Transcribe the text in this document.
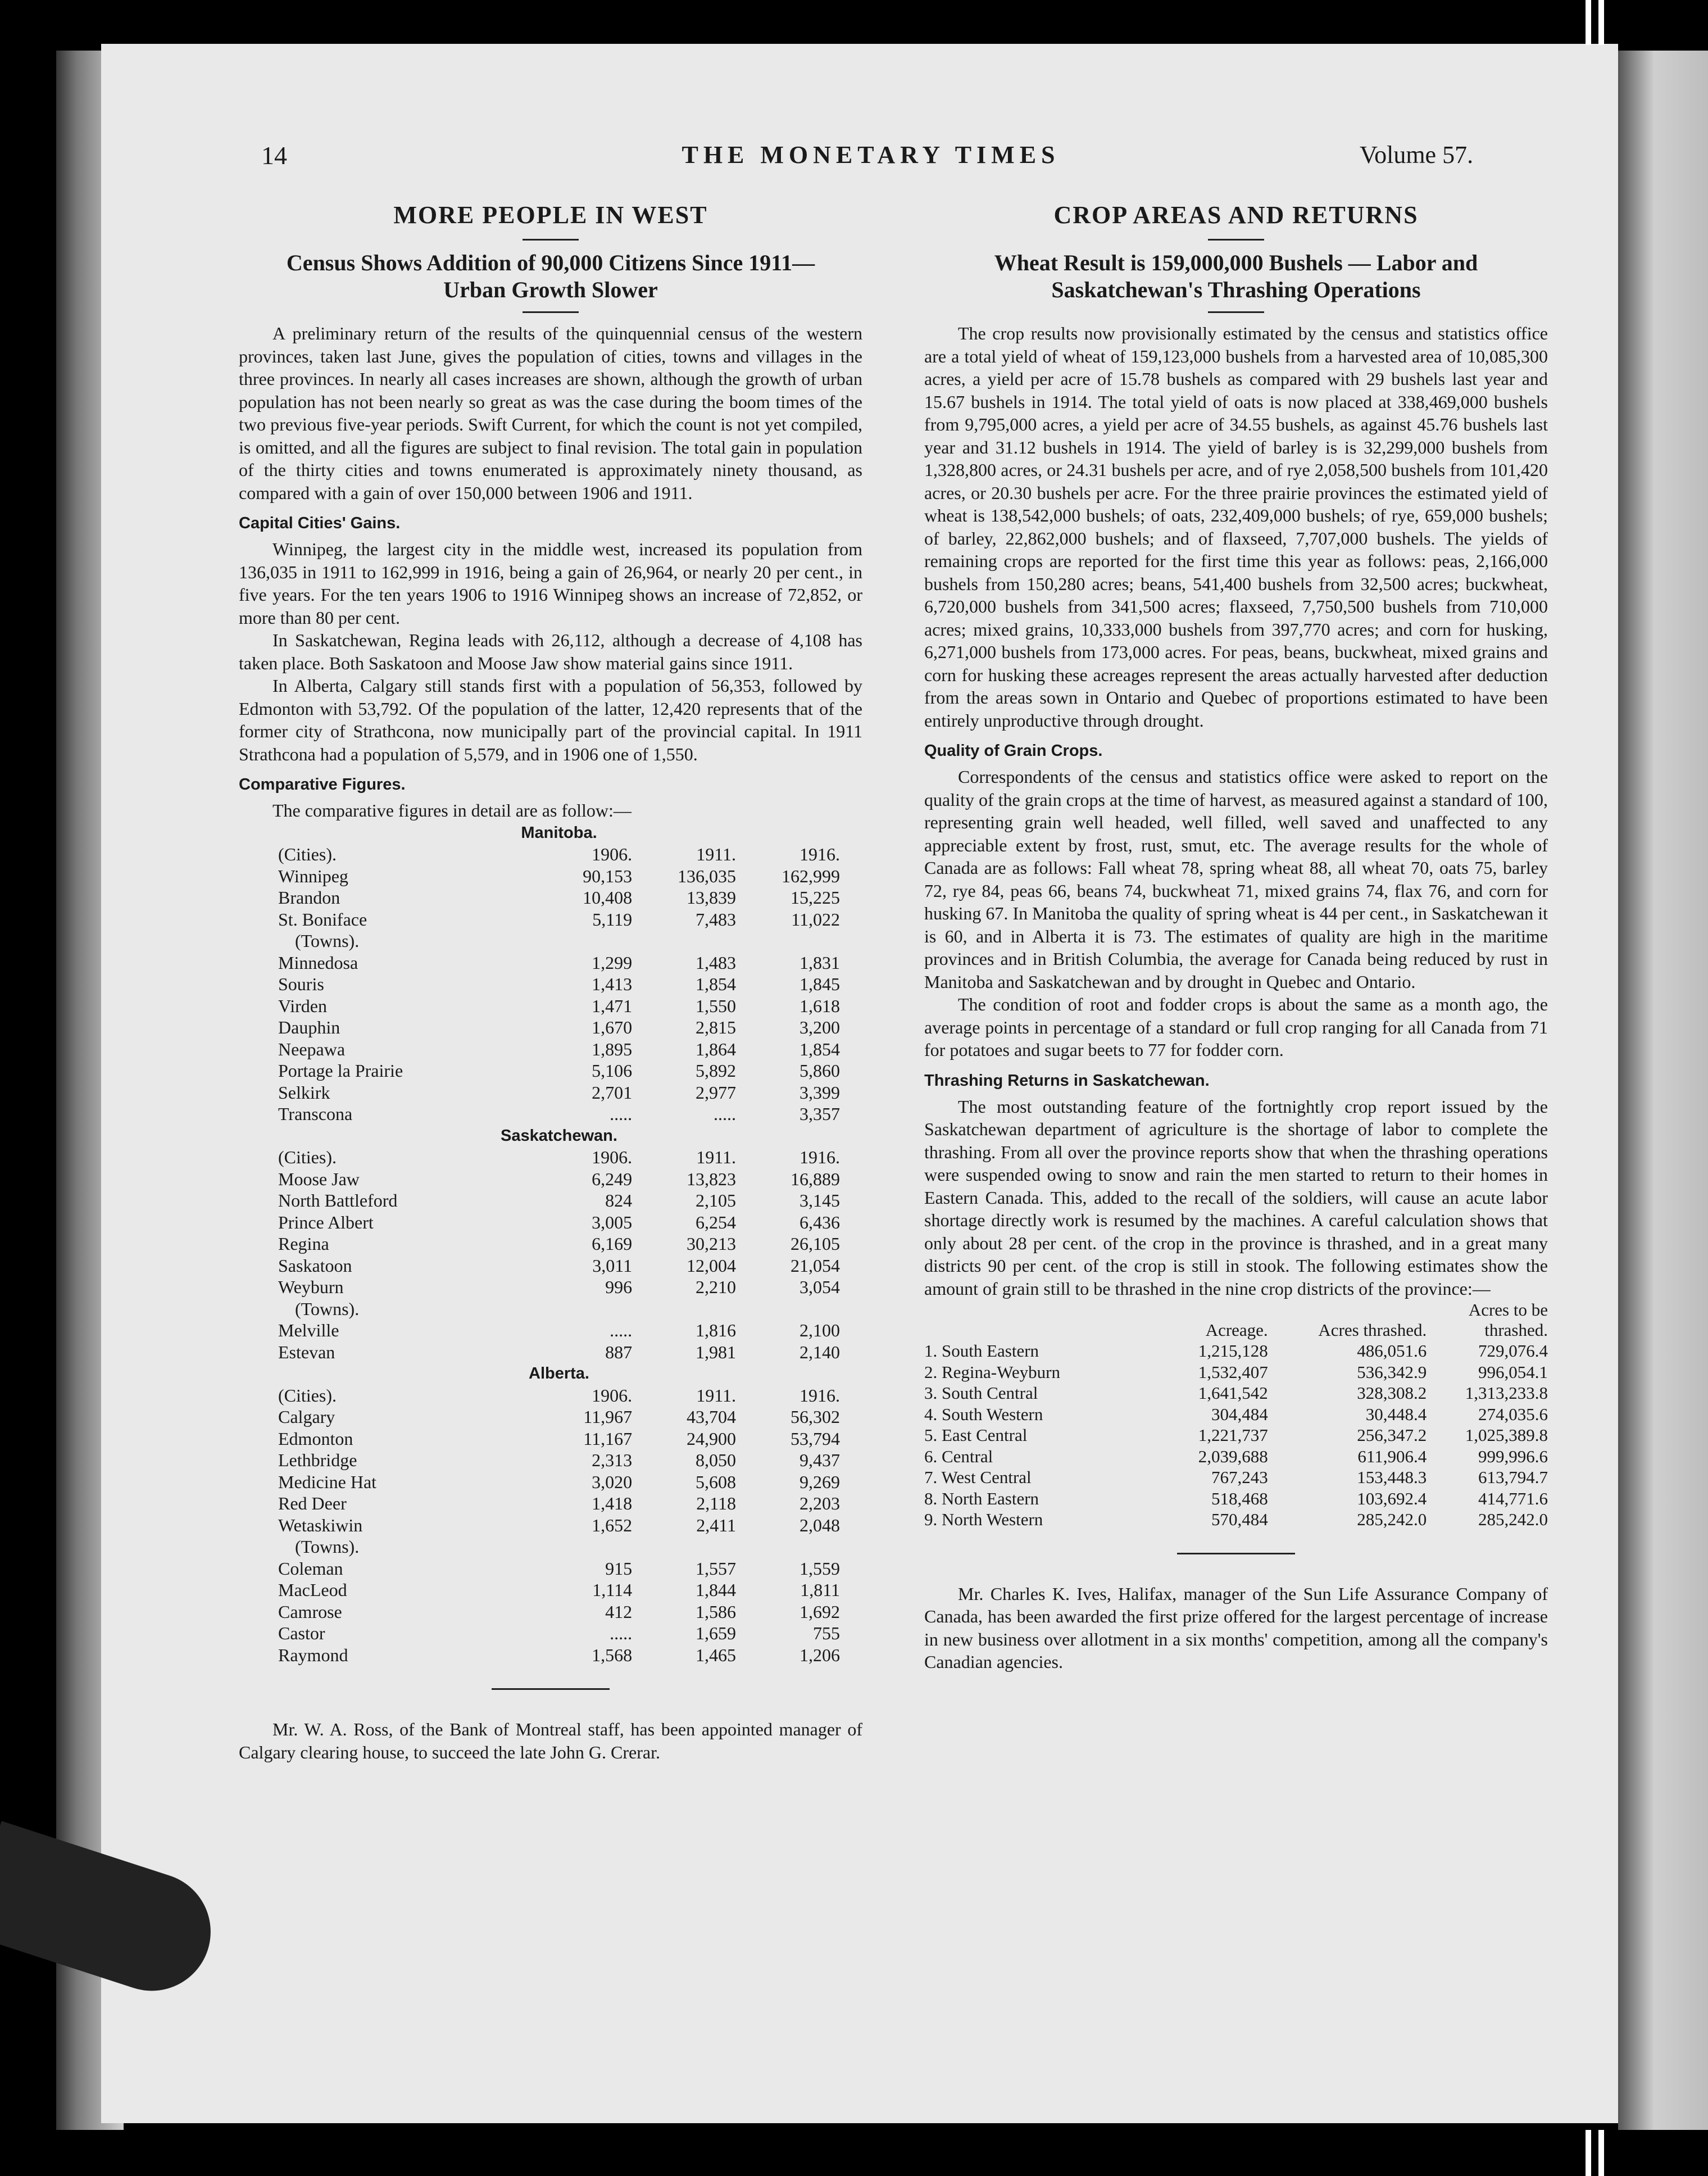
14	THE MONETARY TIMES	Volume 57.
MORE PEOPLE IN WEST
Census Shows Addition of 90,000 Citizens Since 1911—
Urban Growth Slower

A preliminary return of the results of the quinquennial census of the western provinces, taken last June, gives the population of cities, towns and villages in the three provinces. In nearly all cases increases are shown, although the growth of urban population has not been nearly so great as was the case during the boom times of the two previous five-year periods. Swift Current, for which the count is not yet compiled, is omitted, and all the figures are subject to final revision. The total gain in population of the thirty cities and towns enumerated is approximately ninety thousand, as compared with a gain of over 150,000 between 1906 and 1911.

Capital Cities' Gains.

Winnipeg, the largest city in the middle west, increased its population from 136,035 in 1911 to 162,999 in 1916, being a gain of 26,964, or nearly 20 per cent., in five years. For the ten years 1906 to 1916 Winnipeg shows an increase of 72,852, or more than 80 per cent.

In Saskatchewan, Regina leads with 26,112, although a decrease of 4,108 has taken place. Both Saskatoon and Moose Jaw show material gains since 1911.

In Alberta, Calgary still stands first with a population of 56,353, followed by Edmonton with 53,792. Of the population of the latter, 12,420 represents that of the former city of Strathcona, now municipally part of the provincial capital. In 1911 Strathcona had a population of 5,579, and in 1906 one of 1,550.

Comparative Figures.

The comparative figures in detail are as follow:—

Manitoba.			
(Cities).	1906.	1911.	1916.
Winnipeg	90,153	136,035	162,999
Brandon	10,408	13,839	15,225
St. Boniface	5,119	7,483	11,022
(Towns).			
Minnedosa	1,299	1,483	1,831
Souris	1,413	1,854	1,845
Virden	1,471	1,550	1,618
Dauphin	1,670	2,815	3,200
Neepawa	1,895	1,864	1,854
Portage la Prairie	5,106	5,892	5,860
Selkirk	2,701	2,977	3,399
Transcona	.....	.....	3,357
Saskatchewan.			
(Cities).	1906.	1911.	1916.
Moose Jaw	6,249	13,823	16,889
North Battleford	824	2,105	3,145
Prince Albert	3,005	6,254	6,436
Regina	6,169	30,213	26,105
Saskatoon	3,011	12,004	21,054
Weyburn	996	2,210	3,054
(Towns).			
Melville	.....	1,816	2,100
Estevan	887	1,981	2,140
Alberta.			
(Cities).	1906.	1911.	1916.
Calgary	11,967	43,704	56,302
Edmonton	11,167	24,900	53,794
Lethbridge	2,313	8,050	9,437
Medicine Hat	3,020	5,608	9,269
Red Deer	1,418	2,118	2,203
Wetaskiwin	1,652	2,411	2,048
(Towns).			
Coleman	915	1,557	1,559
MacLeod	1,114	1,844	1,811
Camrose	412	1,586	1,692
Castor	.....	1,659	755
Raymond	1,568	1,465	1,206

Mr. W. A. Ross, of the Bank of Montreal staff, has been appointed manager of Calgary clearing house, to succeed the late John G. Crerar.

CROP AREAS AND RETURNS
Wheat Result is 159,000,000 Bushels — Labor and
Saskatchewan's Thrashing Operations

The crop results now provisionally estimated by the census and statistics office are a total yield of wheat of 159,123,000 bushels from a harvested area of 10,085,300 acres, a yield per acre of 15.78 bushels as compared with 29 bushels last year and 15.67 bushels in 1914. The total yield of oats is now placed at 338,469,000 bushels from 9,795,000 acres, a yield per acre of 34.55 bushels, as against 45.76 bushels last year and 31.12 bushels in 1914. The yield of barley is is 32,299,000 bushels from 1,328,800 acres, or 24.31 bushels per acre, and of rye 2,058,500 bushels from 101,420 acres, or 20.30 bushels per acre. For the three prairie provinces the estimated yield of wheat is 138,542,000 bushels; of oats, 232,409,000 bushels; of rye, 659,000 bushels; of barley, 22,862,000 bushels; and of flaxseed, 7,707,000 bushels. The yields of remaining crops are reported for the first time this year as follows: peas, 2,166,000 bushels from 150,280 acres; beans, 541,400 bushels from 32,500 acres; buckwheat, 6,720,000 bushels from 341,500 acres; flaxseed, 7,750,500 bushels from 710,000 acres; mixed grains, 10,333,000 bushels from 397,770 acres; and corn for husking, 6,271,000 bushels from 173,000 acres. For peas, beans, buckwheat, mixed grains and corn for husking these acreages represent the areas actually harvested after deduction from the areas sown in Ontario and Quebec of proportions estimated to have been entirely unproductive through drought.

Quality of Grain Crops.

Correspondents of the census and statistics office were asked to report on the quality of the grain crops at the time of harvest, as measured against a standard of 100, representing grain well headed, well filled, well saved and unaffected to any appreciable extent by frost, rust, smut, etc. The average results for the whole of Canada are as follows: Fall wheat 78, spring wheat 88, all wheat 70, oats 75, barley 72, rye 84, peas 66, beans 74, buckwheat 71, mixed grains 74, flax 76, and corn for husking 67. In Manitoba the quality of spring wheat is 44 per cent., in Saskatchewan it is 60, and in Alberta it is 73. The estimates of quality are high in the maritime provinces and in British Columbia, the average for Canada being reduced by rust in Manitoba and Saskatchewan and by drought in Quebec and Ontario.

The condition of root and fodder crops is about the same as a month ago, the average points in percentage of a standard or full crop ranging for all Canada from 71 for potatoes and sugar beets to 77 for fodder corn.

Thrashing Returns in Saskatchewan.

The most outstanding feature of the fortnightly crop report issued by the Saskatchewan department of agriculture is the shortage of labor to complete the thrashing. From all over the province reports show that when the thrashing operations were suspended owing to snow and rain the men started to return to their homes in Eastern Canada. This, added to the recall of the soldiers, will cause an acute labor shortage directly work is resumed by the machines. A careful calculation shows that only about 28 per cent. of the crop in the province is thrashed, and in a great many districts 90 per cent. of the crop is still in stook. The following estimates show the amount of grain still to be thrashed in the nine crop districts of the province:—

	Acreage.	Acres thrashed.	Acres to be
thrashed.
1. South Eastern	1,215,128	486,051.6	729,076.4
2. Regina-Weyburn	1,532,407	536,342.9	996,054.1
3. South Central	1,641,542	328,308.2	1,313,233.8
4. South Western	304,484	30,448.4	274,035.6
5. East Central	1,221,737	256,347.2	1,025,389.8
6. Central	2,039,688	611,906.4	999,996.6
7. West Central	767,243	153,448.3	613,794.7
8. North Eastern	518,468	103,692.4	414,771.6
9. North Western	570,484	285,242.0	285,242.0

Mr. Charles K. Ives, Halifax, manager of the Sun Life Assurance Company of Canada, has been awarded the first prize offered for the largest percentage of increase in new business over allotment in a six months' competition, among all the company's Canadian agencies.
